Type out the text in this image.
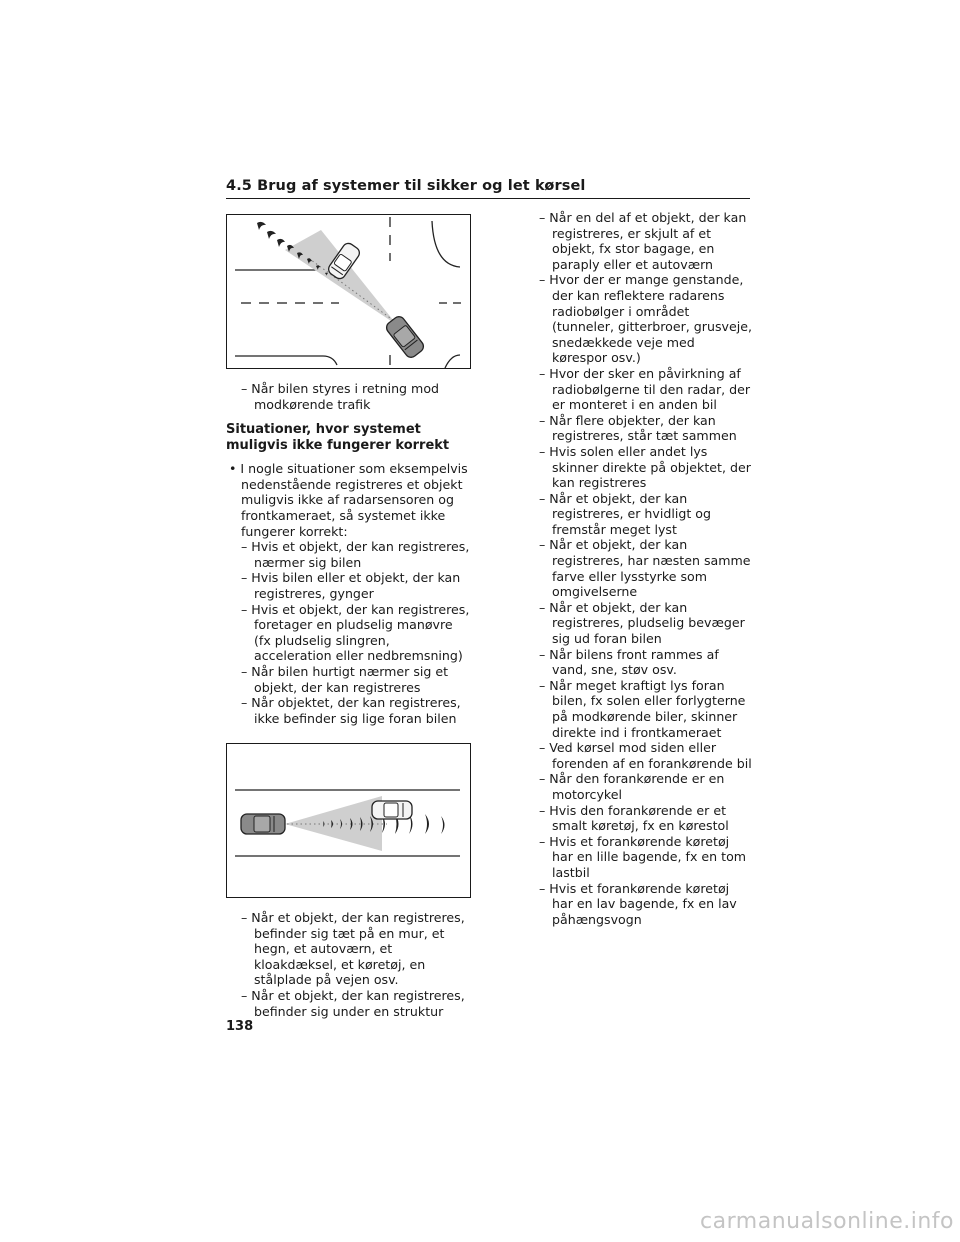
4.5 Brug af systemer til sikker og let kørsel

– Når bilen styres i retning mod modkørende trafik

Situationer, hvor systemet muligvis ikke fungerer korrekt

• I nogle situationer som eksempelvis nedenstående registreres et objekt muligvis ikke af radarsensoren og frontkameraet, så systemet ikke fungerer korrekt:

– Hvis et objekt, der kan registreres, nærmer sig bilen

– Hvis bilen eller et objekt, der kan registreres, gynger

– Hvis et objekt, der kan registreres, foretager en pludselig manøvre (fx pludselig slingren, acceleration eller nedbremsning)

– Når bilen hurtigt nærmer sig et objekt, der kan registreres

– Når objektet, der kan registreres, ikke befinder sig lige foran bilen

– Når et objekt, der kan registreres, befinder sig tæt på en mur, et hegn, et autoværn, et kloakdæksel, et køretøj, en stålplade på vejen osv.

– Når et objekt, der kan registreres, befinder sig under en struktur

– Når en del af et objekt, der kan registreres, er skjult af et objekt, fx stor bagage, en paraply eller et autoværn

– Hvor der er mange genstande, der kan reflektere radarens radiobølger i området (tunneler, gitterbroer, grusveje, snedækkede veje med kørespor osv.)

– Hvor der sker en påvirkning af radiobølgerne til den radar, der er monteret i en anden bil

– Når flere objekter, der kan registreres, står tæt sammen

– Hvis solen eller andet lys skinner direkte på objektet, der kan registreres

– Når et objekt, der kan registreres, er hvidligt og fremstår meget lyst

– Når et objekt, der kan registreres, har næsten samme farve eller lysstyrke som omgivelserne

– Når et objekt, der kan registreres, pludselig bevæger sig ud foran bilen

– Når bilens front rammes af vand, sne, støv osv.

– Når meget kraftigt lys foran bilen, fx solen eller forlygterne på modkørende biler, skinner direkte ind i frontkameraet

– Ved kørsel mod siden eller forenden af en forankørende bil

– Når den forankørende er en motorcykel

– Hvis den forankørende er et smalt køretøj, fx en kørestol

– Hvis et forankørende køretøj har en lille bagende, fx en tom lastbil

– Hvis et forankørende køretøj har en lav bagende, fx en lav påhængsvogn

138
carmanualsonline.info
